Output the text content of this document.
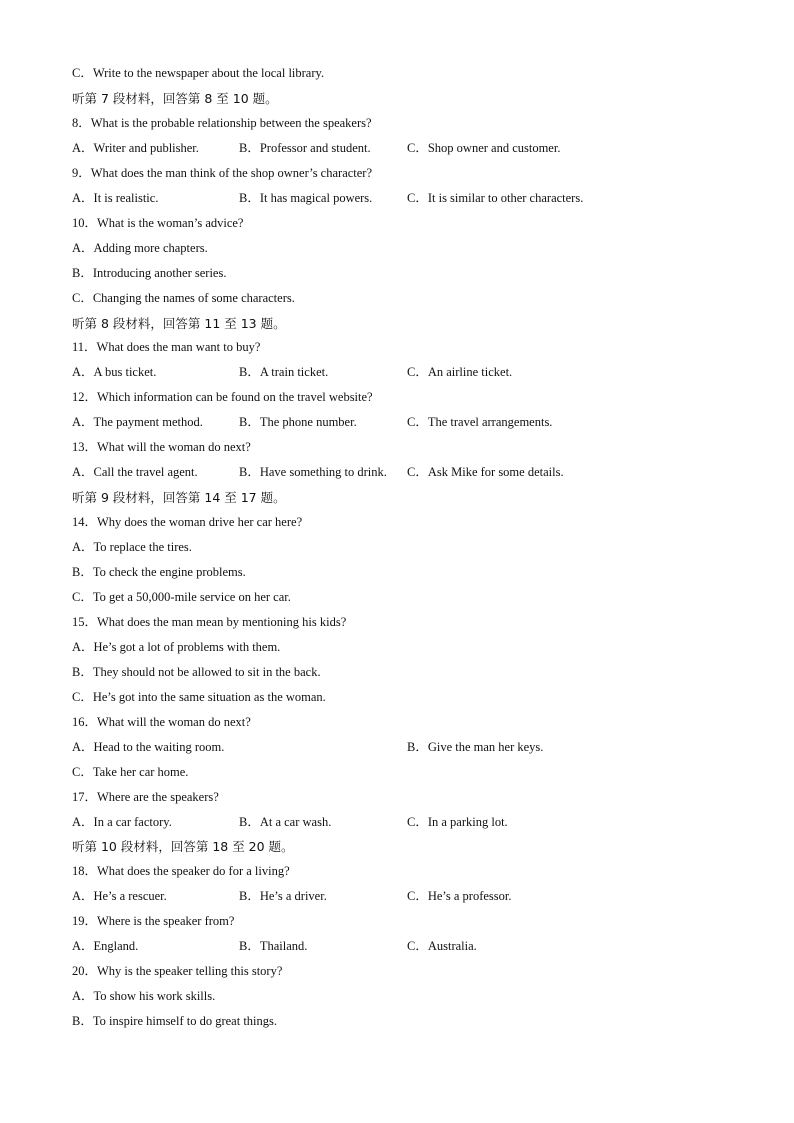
C．Write to the newspaper about the local library.
听第 7 段材料，回答第 8 至 10 题。
8．What is the probable relationship between the speakers?
A．Writer and publisher.	B．Professor and student.	C．Shop owner and customer.
9．What does the man think of the shop owner’s character?
A．It is realistic.	B．It has magical powers.	C．It is similar to other characters.
10．What is the woman’s advice?
A．Adding more chapters.
B．Introducing another series.
C．Changing the names of some characters.
听第 8 段材料，回答第 11 至 13 题。
11．What does the man want to buy?
A．A bus ticket.	B．A train ticket.	C．An airline ticket.
12．Which information can be found on the travel website?
A．The payment method.	B．The phone number.	C．The travel arrangements.
13．What will the woman do next?
A．Call the travel agent.	B．Have something to drink. C．Ask Mike for some details.
听第 9 段材料，回答第 14 至 17 题。
14．Why does the woman drive her car here?
A．To replace the tires.
B．To check the engine problems.
C．To get a 50,000-mile service on her car.
15．What does the man mean by mentioning his kids?
A．He’s got a lot of problems with them.
B．They should not be allowed to sit in the back.
C．He’s got into the same situation as the woman.
16．What will the woman do next?
A．Head to the waiting room.	B．Give the man her keys.
C．Take her car home.
17．Where are the speakers?
A．In a car factory.	B．At a car wash.	C．In a parking lot.
听第 10 段材料，回答第 18 至 20 题。
18．What does the speaker do for a living?
A．He’s a rescuer.	B．He’s a driver.	C．He’s a professor.
19．Where is the speaker from?
A．England.	B．Thailand.	C．Australia.
20．Why is the speaker telling this story?
A．To show his work skills.
B．To inspire himself to do great things.
